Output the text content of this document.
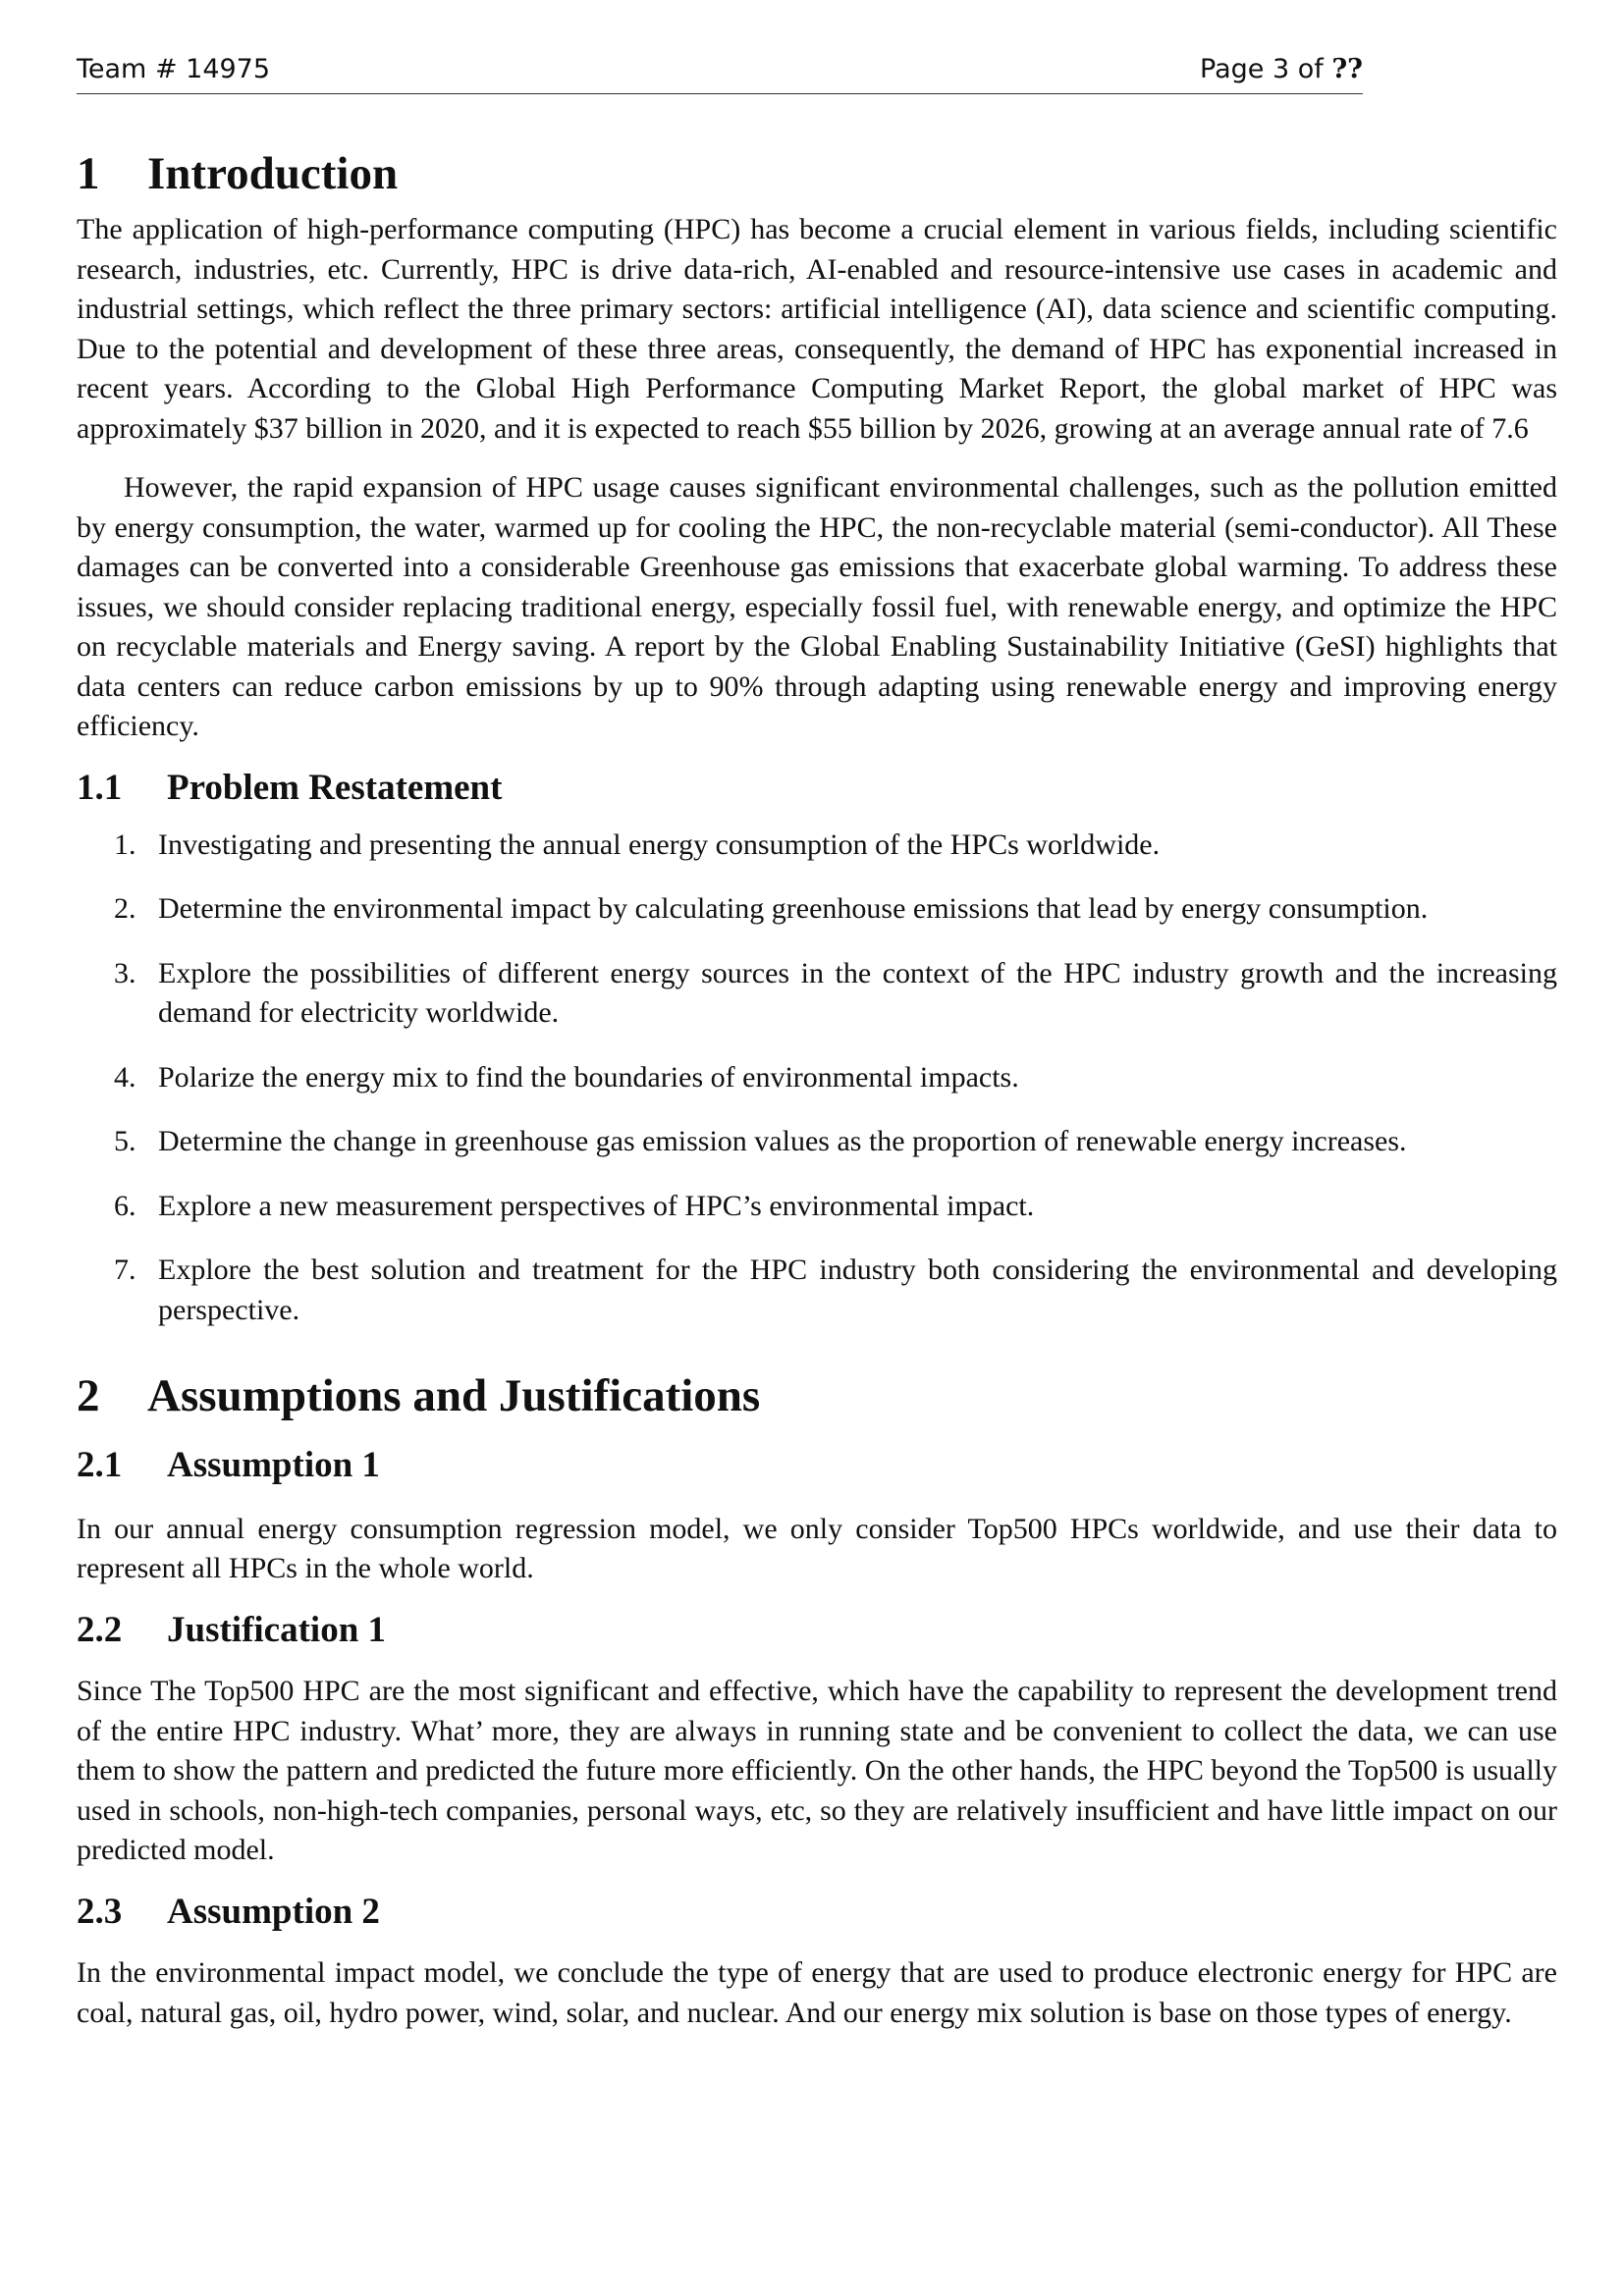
Team # 14975	Page 3 of ??
1 Introduction

The application of high-performance computing (HPC) has become a crucial element in various fields, including scientific research, industries, etc. Currently, HPC is drive data-rich, AI-enabled and resource-intensive use cases in academic and industrial settings, which reflect the three primary sectors: artificial intelligence (AI), data science and scientific computing. Due to the potential and development of these three areas, consequently, the demand of HPC has exponential increased in recent years. According to the Global High Performance Computing Market Report, the global market of HPC was approximately $37 billion in 2020, and it is expected to reach $55 billion by 2026, growing at an average annual rate of 7.6

However, the rapid expansion of HPC usage causes significant environmental challenges, such as the pollution emitted by energy consumption, the water, warmed up for cooling the HPC, the non-recyclable material (semi-conductor). All These damages can be converted into a considerable Greenhouse gas emissions that exacerbate global warming. To address these issues, we should consider replacing traditional energy, especially fossil fuel, with renewable energy, and optimize the HPC on recyclable materials and Energy saving. A report by the Global Enabling Sustainability Initiative (GeSI) highlights that data centers can reduce carbon emissions by up to 90% through adapting using renewable energy and improving energy efficiency.

1.1 Problem Restatement
1. Investigating and presenting the annual energy consumption of the HPCs worldwide.
2. Determine the environmental impact by calculating greenhouse emissions that lead by energy consumption.
3. Explore the possibilities of different energy sources in the context of the HPC industry growth and the increasing demand for electricity worldwide.
4. Polarize the energy mix to find the boundaries of environmental impacts.
5. Determine the change in greenhouse gas emission values as the proportion of renewable energy increases.
6. Explore a new measurement perspectives of HPC’s environmental impact.
7. Explore the best solution and treatment for the HPC industry both considering the environmental and developing perspective.
2 Assumptions and Justifications
2.1 Assumption 1

In our annual energy consumption regression model, we only consider Top500 HPCs worldwide, and use their data to represent all HPCs in the whole world.

2.2 Justification 1

Since The Top500 HPC are the most significant and effective, which have the capability to represent the development trend of the entire HPC industry. What’ more, they are always in running state and be convenient to collect the data, we can use them to show the pattern and predicted the future more efficiently. On the other hands, the HPC beyond the Top500 is usually used in schools, non-high-tech companies, personal ways, etc, so they are relatively insufficient and have little impact on our predicted model.

2.3 Assumption 2

In the environmental impact model, we conclude the type of energy that are used to produce electronic energy for HPC are coal, natural gas, oil, hydro power, wind, solar, and nuclear. And our energy mix solution is base on those types of energy.
